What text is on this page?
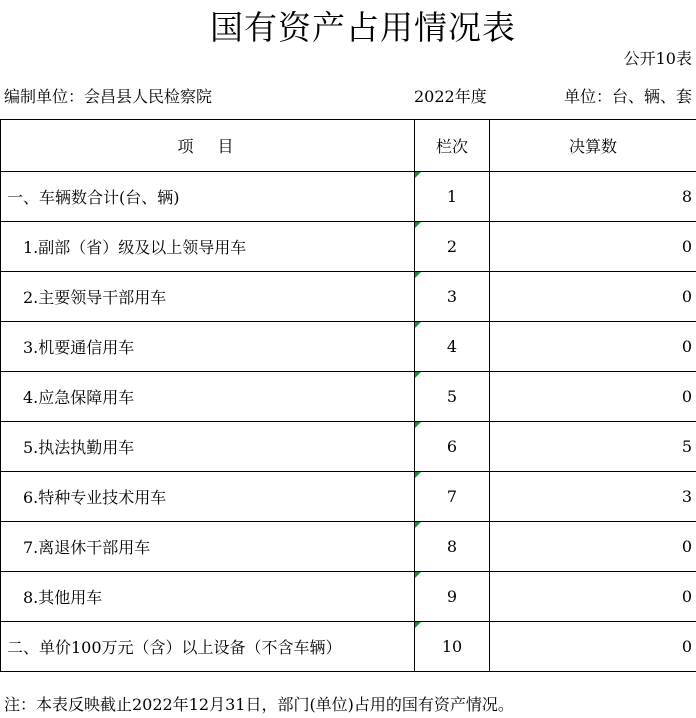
国有资产占用情况表
公开10表
编制单位：会昌县人民检察院	2022年度	单位：台、辆、套
项　目	栏次	决算数
一、车辆数合计(台、辆)	1	8
1.副部（省）级及以上领导用车	2	0
2.主要领导干部用车	3	0
3.机要通信用车	4	0
4.应急保障用车	5	0
5.执法执勤用车	6	5
6.特种专业技术用车	7	3
7.离退休干部用车	8	0
8.其他用车	9	0
二、单价100万元（含）以上设备（不含车辆）	10	0
注：本表反映截止2022年12月31日，部门(单位)占用的国有资产情况。
